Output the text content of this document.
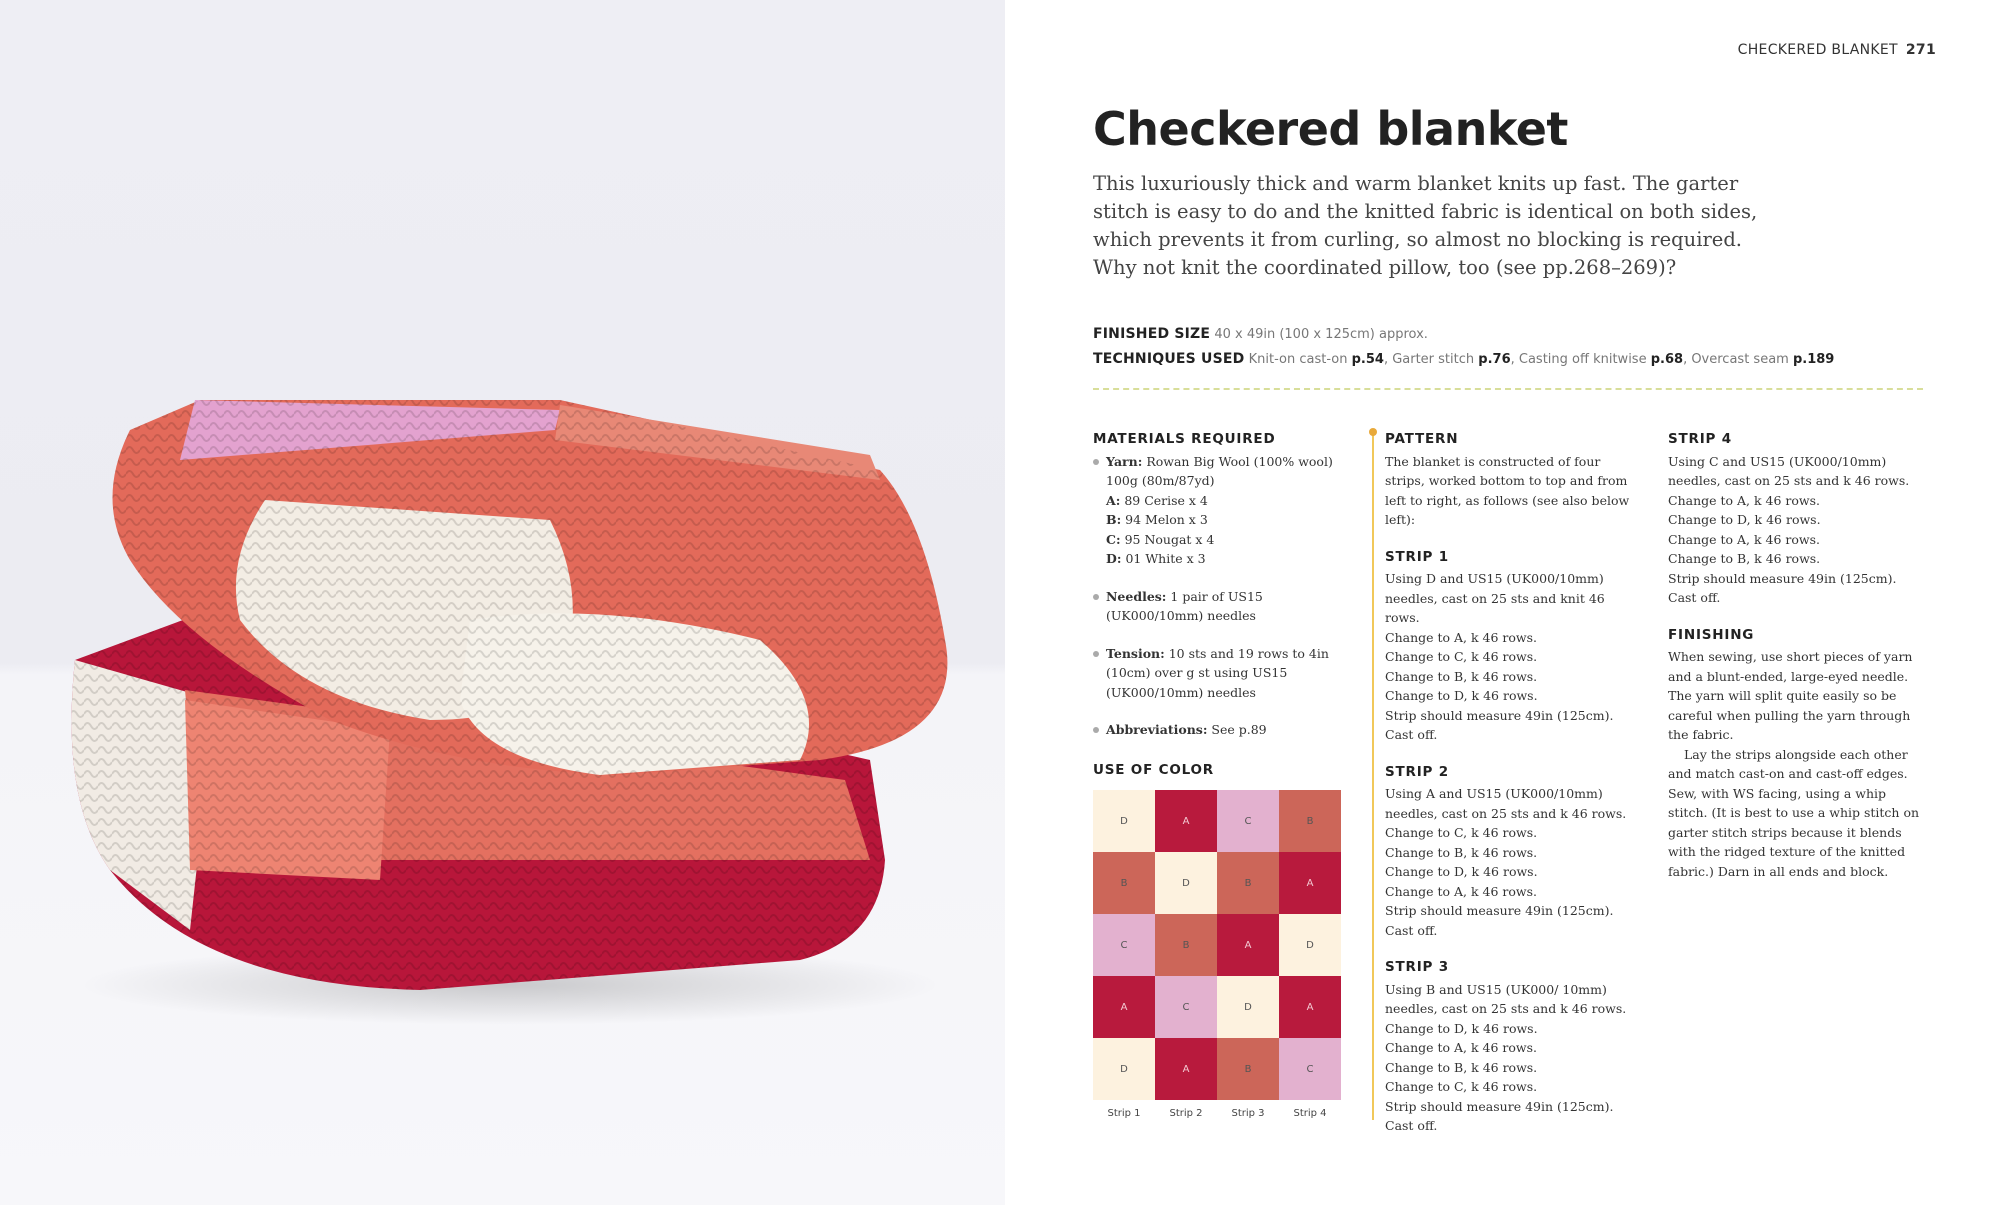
CHECKERED BLANKET 271
Checkered blanket

This luxuriously thick and warm blanket knits up fast. The garter stitch is easy to do and the knitted fabric is identical on both sides, which prevents it from curling, so almost no blocking is required. Why not knit the coordinated pillow, too (see pp.268–269)?

FINISHED SIZE 40 x 49in (100 x 125cm) approx.
TECHNIQUES USED Knit-on cast-on p.54, Garter stitch p.76, Casting off knitwise p.68, Overcast seam p.189
MATERIALS REQUIRED
Yarn: Rowan Big Wool (100% wool) 100g (80m/87yd)
A: 89 Cerise x 4
B: 94 Melon x 3
C: 95 Nougat x 4
D: 01 White x 3
Needles: 1 pair of US15 (UK000/10mm) needles
Tension: 10 sts and 19 rows to 4in (10cm) over g st using US15 (UK000/10mm) needles
Abbreviations: See p.89
USE OF COLOR
D	A	C	B
B	D	B	A
C	B	A	D
A	C	D	A
D	A	B	C
Strip 1	Strip 2	Strip 3	Strip 4
PATTERN

The blanket is constructed of four strips, worked bottom to top and from left to right, as follows (see also below left):

STRIP 1

Using D and US15 (UK000/10mm) needles, cast on 25 sts and knit 46 rows.

Change to A, k 46 rows.

Change to C, k 46 rows.

Change to B, k 46 rows.

Change to D, k 46 rows.

Strip should measure 49in (125cm).

Cast off.

STRIP 2

Using A and US15 (UK000/10mm) needles, cast on 25 sts and k 46 rows.

Change to C, k 46 rows.

Change to B, k 46 rows.

Change to D, k 46 rows.

Change to A, k 46 rows.

Strip should measure 49in (125cm).

Cast off.

STRIP 3

Using B and US15 (UK000/ 10mm) needles, cast on 25 sts and k 46 rows.

Change to D, k 46 rows.

Change to A, k 46 rows.

Change to B, k 46 rows.

Change to C, k 46 rows.

Strip should measure 49in (125cm).

Cast off.

STRIP 4

Using C and US15 (UK000/10mm) needles, cast on 25 sts and k 46 rows.

Change to A, k 46 rows.

Change to D, k 46 rows.

Change to A, k 46 rows.

Change to B, k 46 rows.

Strip should measure 49in (125cm).

Cast off.

FINISHING

When sewing, use short pieces of yarn and a blunt-ended, large-eyed needle. The yarn will split quite easily so be careful when pulling the yarn through the fabric.

Lay the strips alongside each other and match cast-on and cast-off edges. Sew, with WS facing, using a whip stitch. (It is best to use a whip stitch on garter stitch strips because it blends with the ridged texture of the knitted fabric.) Darn in all ends and block.
